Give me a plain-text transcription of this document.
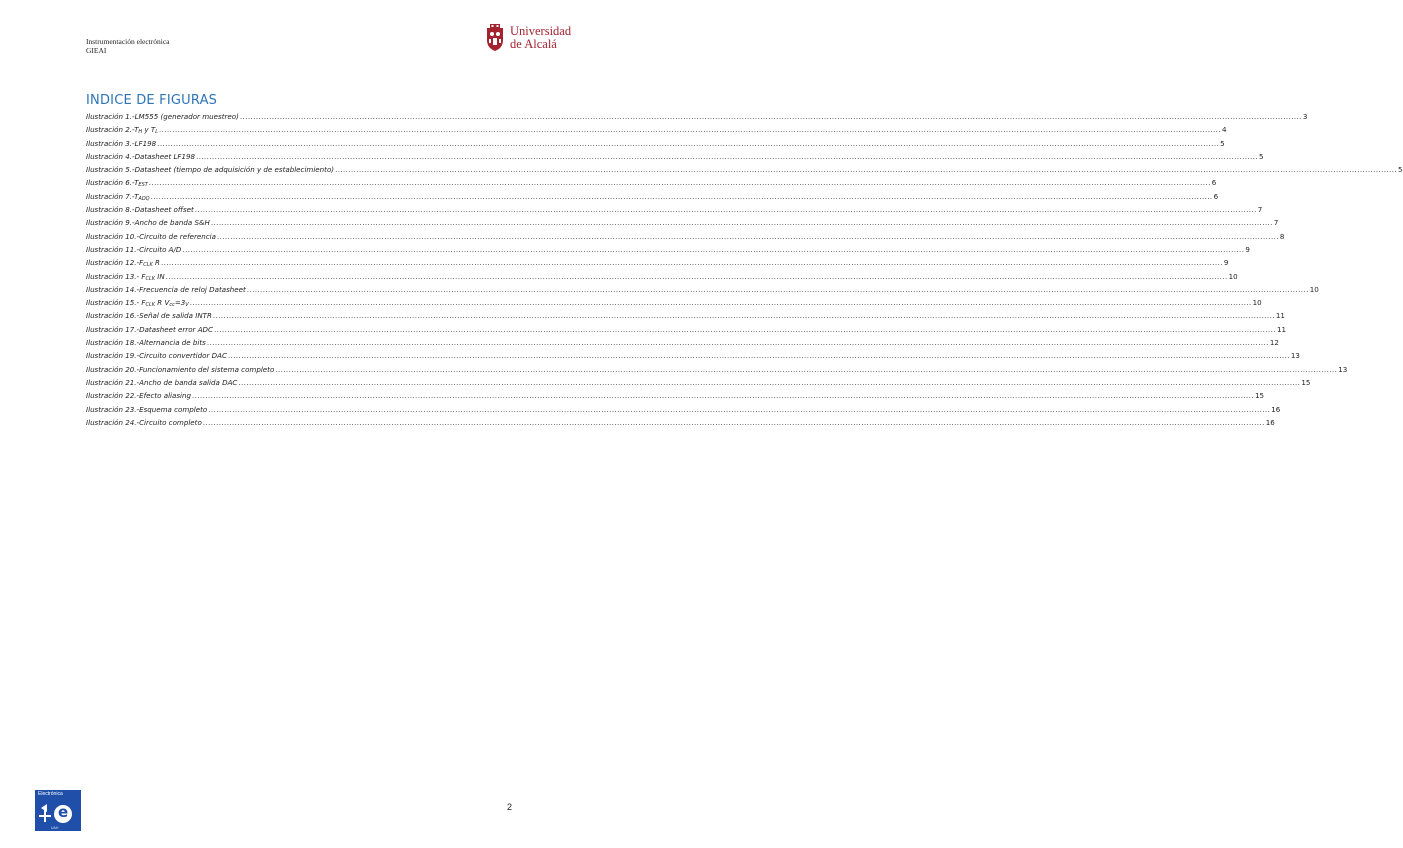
Instrumentación electrónica
GIEAI
Universidad
de Alcalá
INDICE DE FIGURAS
Ilustración 1.-LM555 (generador muestreo) ................................................................................................................................................................................................................................................................................................................................................................................................................ 3
Ilustración $2.-T_H$ y $T_L$ ................................................................................................................................................................................................................................................................................................................................................................................................................ 4
Ilustración 3.-LF198 ................................................................................................................................................................................................................................................................................................................................................................................................................ 5
Ilustración 4.-Datasheet LF198 ................................................................................................................................................................................................................................................................................................................................................................................................................ 5
Ilustración 5.-Datasheet (tiempo de adquisición y de establecimiento) ................................................................................................................................................................................................................................................................................................................................................................................................................ 5
Ilustración $6.-T_{EST}$ ................................................................................................................................................................................................................................................................................................................................................................................................................ 6
Ilustración $7.-T_{ADQ}$ ................................................................................................................................................................................................................................................................................................................................................................................................................ 6
Ilustración 8.-Datasheet offset ................................................................................................................................................................................................................................................................................................................................................................................................................ 7
Ilustración 9.-Ancho de banda S&H ................................................................................................................................................................................................................................................................................................................................................................................................................ 7
Ilustración 10.-Circuito de referencia ................................................................................................................................................................................................................................................................................................................................................................................................................ 8
Ilustración 11.-Circuito A/D ................................................................................................................................................................................................................................................................................................................................................................................................................ 9
Ilustración $12.-F_{CLK}$ R ................................................................................................................................................................................................................................................................................................................................................................................................................ 9
Ilustración 13.- $F_{CLK}$ IN ................................................................................................................................................................................................................................................................................................................................................................................................................ 10
Ilustración 14.-Frecuencia de reloj Datasheet ................................................................................................................................................................................................................................................................................................................................................................................................................ 10
Ilustración 15.- $F_{CLK}$ R $V_{cc}=3_V$ ................................................................................................................................................................................................................................................................................................................................................................................................................ 10
Ilustración 16.-Señal de salida INTR ................................................................................................................................................................................................................................................................................................................................................................................................................ 11
Ilustración 17.-Datasheet error ADC ................................................................................................................................................................................................................................................................................................................................................................................................................ 11
Ilustración 18.-Alternancia de bits ................................................................................................................................................................................................................................................................................................................................................................................................................ 12
Ilustración 19.-Circuito convertidor DAC ................................................................................................................................................................................................................................................................................................................................................................................................................ 13
Ilustración 20.-Funcionamiento del sistema completo ................................................................................................................................................................................................................................................................................................................................................................................................................ 13
Ilustración 21.-Ancho de banda salida DAC ................................................................................................................................................................................................................................................................................................................................................................................................................ 15
Ilustración 22.-Efecto aliasing ................................................................................................................................................................................................................................................................................................................................................................................................................ 15
Ilustración 23.-Esquema completo ................................................................................................................................................................................................................................................................................................................................................................................................................ 16
Ilustración 24.-Circuito completo ................................................................................................................................................................................................................................................................................................................................................................................................................ 16
Electrónica
e
UAH
2
